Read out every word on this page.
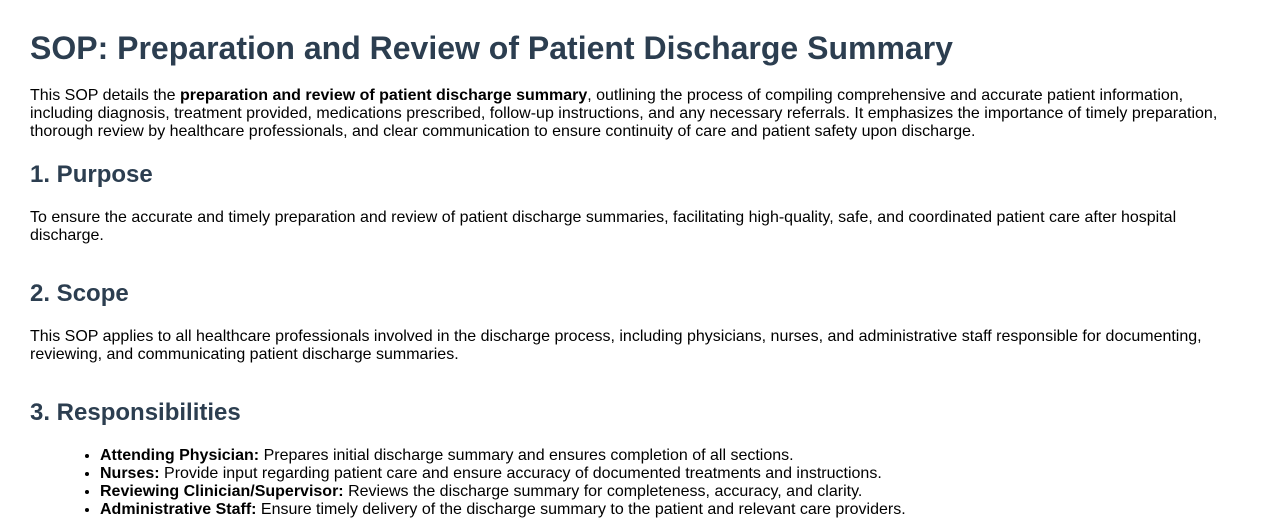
SOP: Preparation and Review of Patient Discharge Summary

This SOP details the preparation and review of patient discharge summary, outlining the process of compiling comprehensive and accurate patient information, including diagnosis, treatment provided, medications prescribed, follow-up instructions, and any necessary referrals. It emphasizes the importance of timely preparation, thorough review by healthcare professionals, and clear communication to ensure continuity of care and patient safety upon discharge.

1. Purpose

To ensure the accurate and timely preparation and review of patient discharge summaries, facilitating high-quality, safe, and coordinated patient care after hospital discharge.

2. Scope

This SOP applies to all healthcare professionals involved in the discharge process, including physicians, nurses, and administrative staff responsible for documenting, reviewing, and communicating patient discharge summaries.

3. Responsibilities
• Attending Physician: Prepares initial discharge summary and ensures completion of all sections.
• Nurses: Provide input regarding patient care and ensure accuracy of documented treatments and instructions.
• Reviewing Clinician/Supervisor: Reviews the discharge summary for completeness, accuracy, and clarity.
• Administrative Staff: Ensure timely delivery of the discharge summary to the patient and relevant care providers.
